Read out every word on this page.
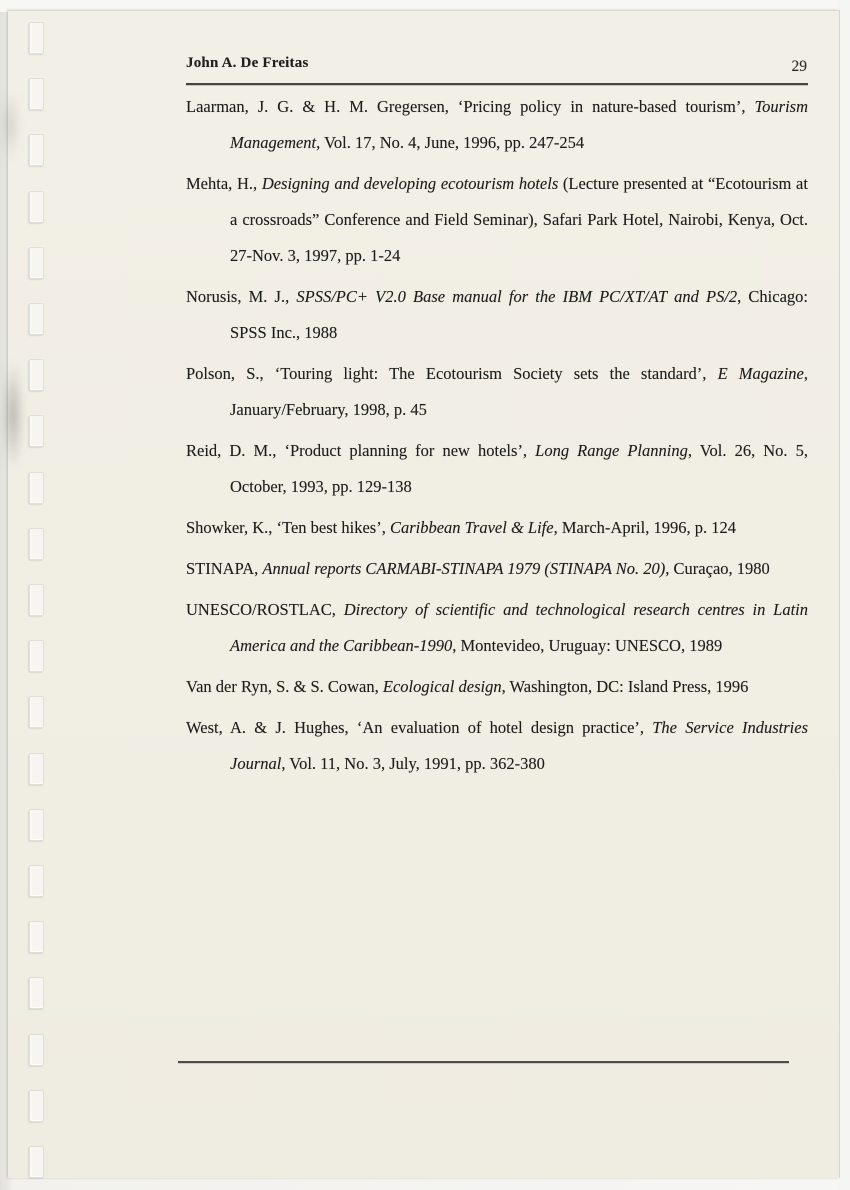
John A. De Freitas	29

Laarman, J. G. & H. M. Gregersen, ‘Pricing policy in nature-based tourism’, Tourism Management, Vol. 17, No. 4, June, 1996, pp. 247-254

Mehta, H., Designing and developing ecotourism hotels (Lecture presented at “Ecotourism at a crossroads” Conference and Field Seminar), Safari Park Hotel, Nairobi, Kenya, Oct. 27-Nov. 3, 1997, pp. 1-24

Norusis, M. J., SPSS/PC+ V2.0 Base manual for the IBM PC/XT/AT and PS/2, Chicago: SPSS Inc., 1988

Polson, S., ‘Touring light: The Ecotourism Society sets the standard’, E Magazine, January/February, 1998, p. 45

Reid, D. M., ‘Product planning for new hotels’, Long Range Planning, Vol. 26, No. 5, October, 1993, pp. 129-138

Showker, K., ‘Ten best hikes’, Caribbean Travel & Life, March-April, 1996, p. 124

STINAPA, Annual reports CARMABI-STINAPA 1979 (STINAPA No. 20), Curaçao, 1980

UNESCO/ROSTLAC, Directory of scientific and technological research centres in Latin America and the Caribbean-1990, Montevideo, Uruguay: UNESCO, 1989

Van der Ryn, S. & S. Cowan, Ecological design, Washington, DC: Island Press, 1996

West, A. & J. Hughes, ‘An evaluation of hotel design practice’, The Service Industries Journal, Vol. 11, No. 3, July, 1991, pp. 362-380
